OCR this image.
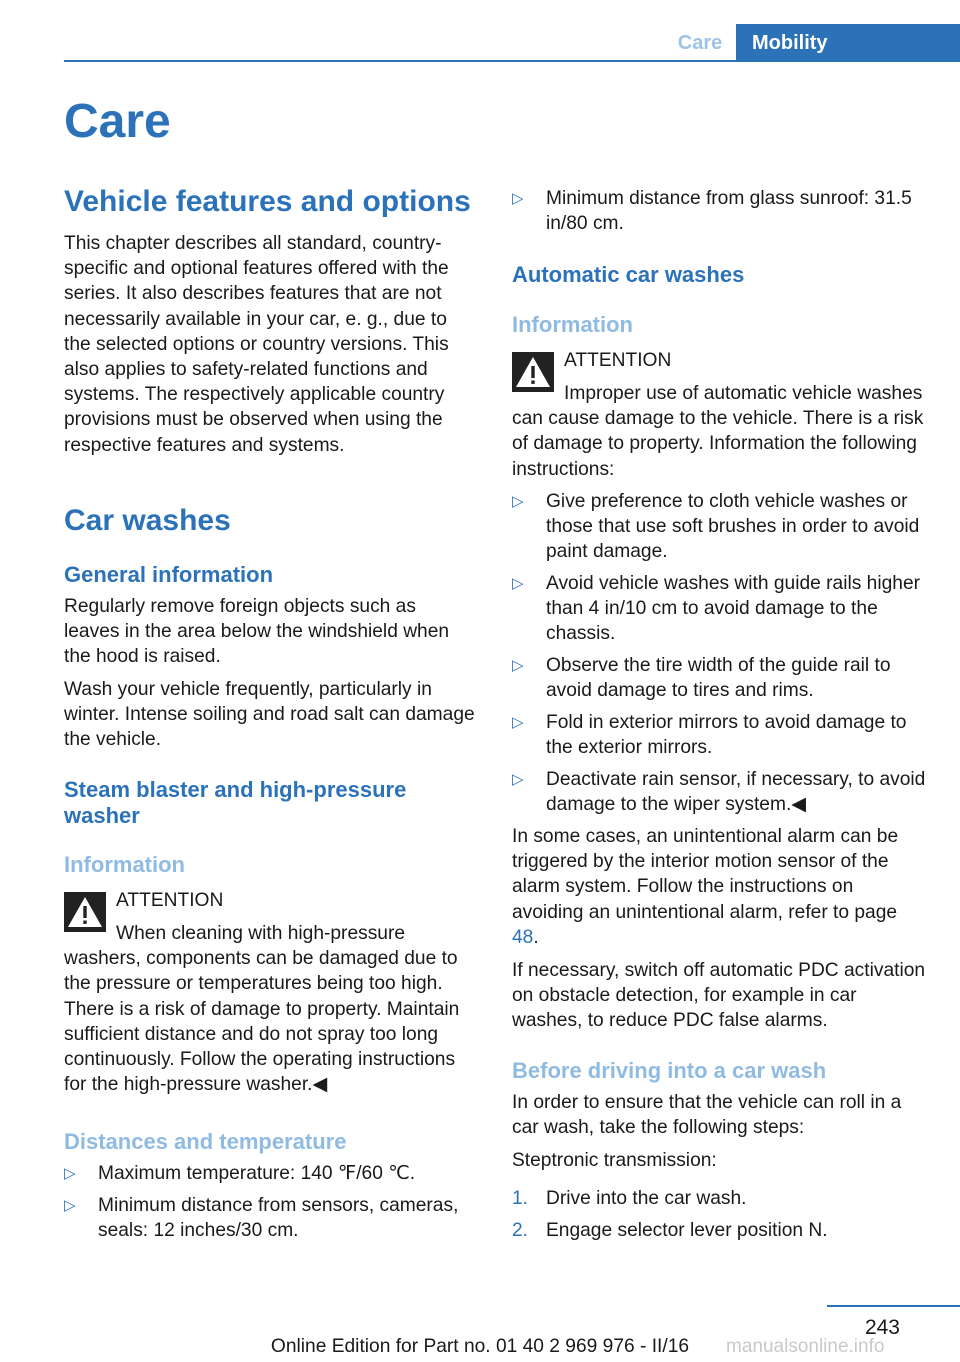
Care	Mobility
Care
Vehicle features and options

This chapter describes all standard, country-specific and optional features offered with the series. It also describes features that are not necessarily available in your car, e. g., due to the selected options or country versions. This also applies to safety-related functions and systems. The respectively applicable country provisions must be observed when using the respective features and systems.

Car washes
General information

Regularly remove foreign objects such as leaves in the area below the windshield when the hood is raised.

Wash your vehicle frequently, particularly in winter. Intense soiling and road salt can damage the vehicle.

Steam blaster and high-pressure washer
Information

ATTENTION

When cleaning with high-pressure washers, components can be damaged due to the pressure or temperatures being too high. There is a risk of damage to property. Maintain sufficient distance and do not spray too long continuously. Follow the operating instructions for the high-pressure washer.◀

Distances and temperature
▷ Maximum temperature: 140 ℉/60 ℃.
▷ Minimum distance from sensors, cameras, seals: 12 inches/30 cm.
▷ Minimum distance from glass sunroof: 31.5 in/80 cm.
Automatic car washes
Information

ATTENTION

Improper use of automatic vehicle washes can cause damage to the vehicle. There is a risk of damage to property. Information the following instructions:

▷ Give preference to cloth vehicle washes or those that use soft brushes in order to avoid paint damage.
▷ Avoid vehicle washes with guide rails higher than 4 in/10 cm to avoid damage to the chassis.
▷ Observe the tire width of the guide rail to avoid damage to tires and rims.
▷ Fold in exterior mirrors to avoid damage to the exterior mirrors.
▷ Deactivate rain sensor, if necessary, to avoid damage to the wiper system.◀

In some cases, an unintentional alarm can be triggered by the interior motion sensor of the alarm system. Follow the instructions on avoiding an unintentional alarm, refer to page 48.

If necessary, switch off automatic PDC activation on obstacle detection, for example in car washes, to reduce PDC false alarms.

Before driving into a car wash

In order to ensure that the vehicle can roll in a car wash, take the following steps:

Steptronic transmission:

1. Drive into the car wash.
2. Engage selector lever position N.
243
Online Edition for Part no. 01 40 2 969 976 - II/16	manualsonline.info
